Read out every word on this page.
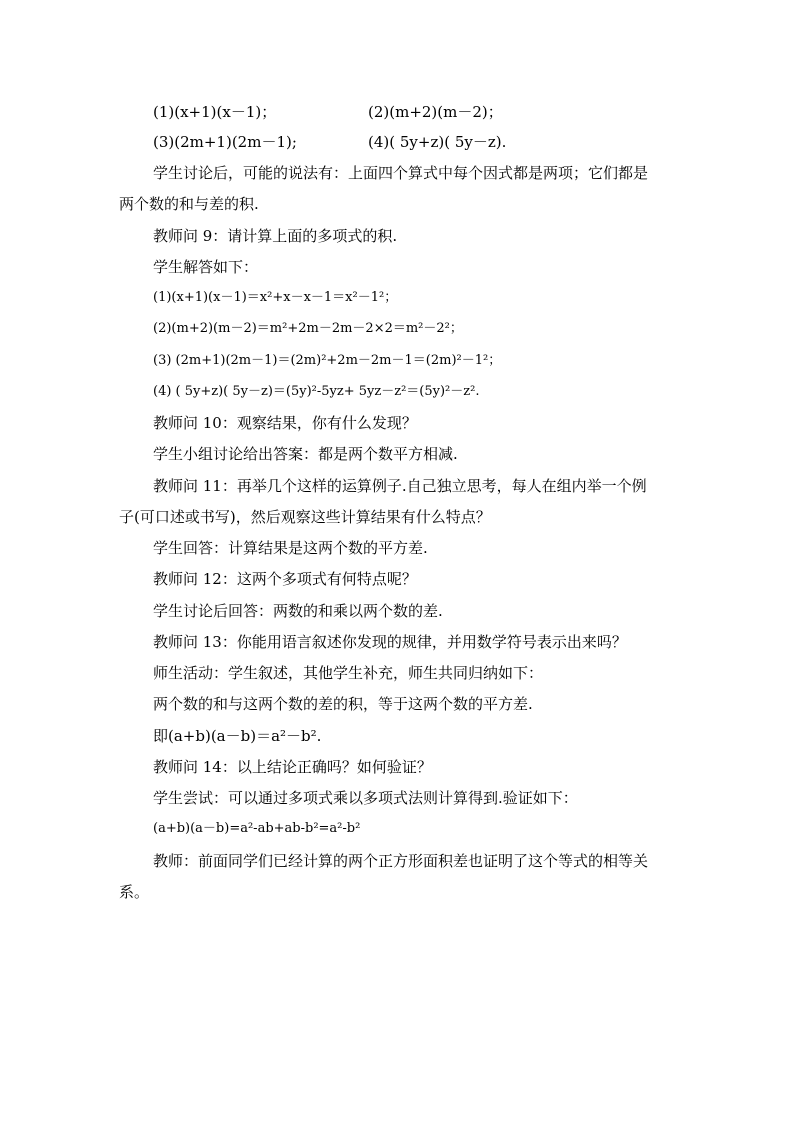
(1)(x+1)(x－1)；	(2)(m+2)(m－2)；
(3)(2m+1)(2m－1);	(4)( 5y+z)( 5y－z).
学生讨论后，可能的说法有：上面四个算式中每个因式都是两项；它们都是
两个数的和与差的积.
教师问 9：请计算上面的多项式的积.
学生解答如下：
(1)(x+1)(x－1)＝x²+x－x－1＝x²－1²；
(2)(m+2)(m－2)＝m²+2m－2m－2×2＝m²－2²；
(3) (2m+1)(2m－1)＝(2m)²+2m－2m－1＝(2m)²－1²；
(4) ( 5y+z)( 5y－z)＝(5y)²-5yz+ 5yz－z²＝(5y)²－z².
教师问 10：观察结果，你有什么发现？
学生小组讨论给出答案：都是两个数平方相减.
教师问 11：再举几个这样的运算例子.自己独立思考，每人在组内举一个例
子(可口述或书写)，然后观察这些计算结果有什么特点？
学生回答：计算结果是这两个数的平方差.
教师问 12：这两个多项式有何特点呢？
学生讨论后回答：两数的和乘以两个数的差.
教师问 13：你能用语言叙述你发现的规律，并用数学符号表示出来吗？
师生活动：学生叙述，其他学生补充，师生共同归纳如下：
两个数的和与这两个数的差的积，等于这两个数的平方差.
即(a+b)(a－b)＝a²－b².
教师问 14：以上结论正确吗？如何验证？
学生尝试：可以通过多项式乘以多项式法则计算得到.验证如下：
(a+b)(a－b)=a²-ab+ab-b²=a²-b²
教师：前面同学们已经计算的两个正方形面积差也证明了这个等式的相等关
系。
